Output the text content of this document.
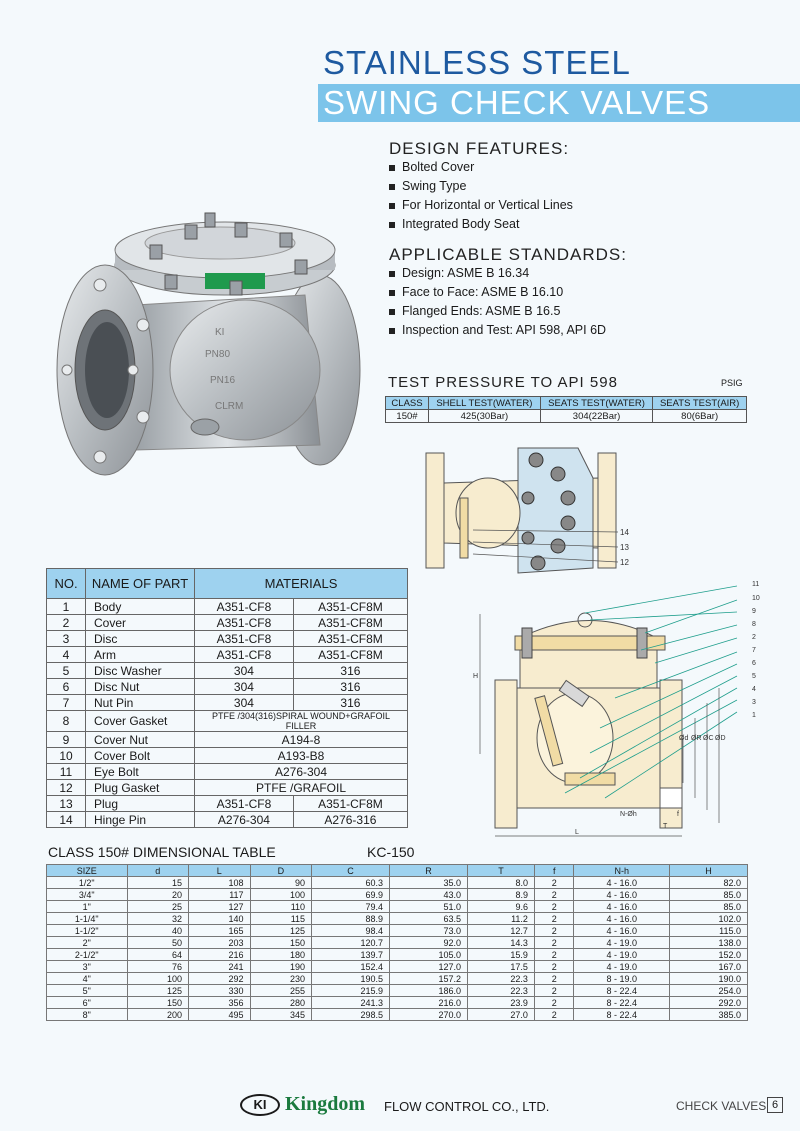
STAINLESS STEEL
SWING CHECK VALVES
DESIGN FEATURES:
Bolted Cover
Swing Type
For Horizontal or Vertical Lines
Integrated Body Seat
APPLICABLE STANDARDS:
Design: ASME B 16.34
Face to Face: ASME B 16.10
Flanged Ends: ASME B 16.5
Inspection and Test: API 598, API 6D
KI
PN80
PN16
CLRM
TEST PRESSURE TO API 598	PSIG
CLASS	SHELL TEST(WATER)	SEATS TEST(WATER)	SEATS TEST(AIR)
150#	425(30Bar)	304(22Bar)	80(6Bar)
14
13
12
11
10
9
8
2
7
6
5
4
3
1
H
Ød ØR ØC ØD
N-Øh	f
T
L
NO.	NAME OF PART	MATERIALS	
1	Body	A351-CF8	A351-CF8M
2	Cover	A351-CF8	A351-CF8M
3	Disc	A351-CF8	A351-CF8M
4	Arm	A351-CF8	A351-CF8M
5	Disc Washer	304	316
6	Disc Nut	304	316
7	Nut Pin	304	316
8	Cover Gasket	PTFE /304(316)SPIRAL WOUND+GRAFOIL FILLER	
9	Cover Nut	A194-8	
10	Cover Bolt	A193-B8	
11	Eye Bolt	A276-304	
12	Plug Gasket	PTFE /GRAFOIL	
13	Plug	A351-CF8	A351-CF8M
14	Hinge Pin	A276-304	A276-316
CLASS 150# DIMENSIONAL TABLE	KC-150
SIZE	d	L	D	C	R	T	f	N-h	H
1/2"	15	108	90	60.3	35.0	8.0	2	4 - 16.0	82.0
3/4"	20	117	100	69.9	43.0	8.9	2	4 - 16.0	85.0
1"	25	127	110	79.4	51.0	9.6	2	4 - 16.0	85.0
1-1/4"	32	140	115	88.9	63.5	11.2	2	4 - 16.0	102.0
1-1/2"	40	165	125	98.4	73.0	12.7	2	4 - 16.0	115.0
2"	50	203	150	120.7	92.0	14.3	2	4 - 19.0	138.0
2-1/2"	64	216	180	139.7	105.0	15.9	2	4 - 19.0	152.0
3"	76	241	190	152.4	127.0	17.5	2	4 - 19.0	167.0
4"	100	292	230	190.5	157.2	22.3	2	8 - 19.0	190.0
5"	125	330	255	215.9	186.0	22.3	2	8 - 22.4	254.0
6"	150	356	280	241.3	216.0	23.9	2	8 - 22.4	292.0
8"	200	495	345	298.5	270.0	27.0	2	8 - 22.4	385.0
KI Kingdom FLOW CONTROL CO., LTD.	CHECK VALVES 6
